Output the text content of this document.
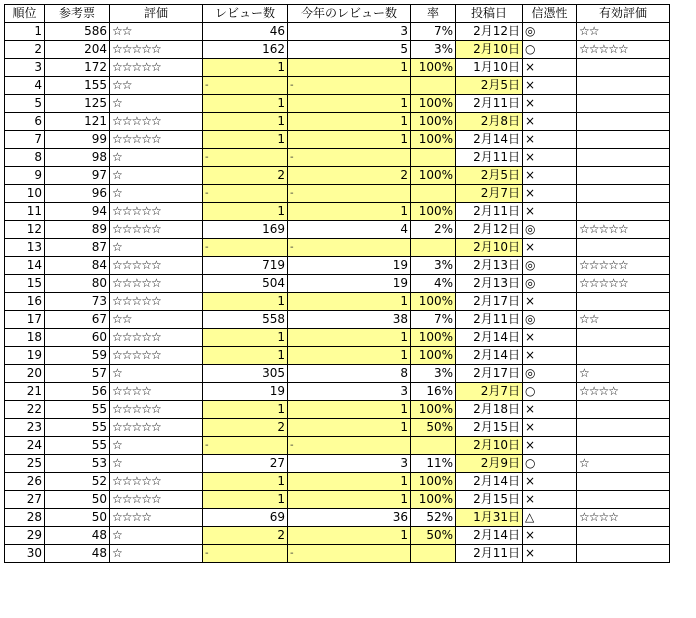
順位	参考票	評価	レビュー数	今年のレビュー数	率	投稿日	信憑性	有効評価
1	586	☆☆	46	3	7%	2月12日	◎	☆☆
2	204	☆☆☆☆☆	162	5	3%	2月10日	○	☆☆☆☆☆
3	172	☆☆☆☆☆	1	1	100%	1月10日	×	
4	155	☆☆	-	-		2月5日	×	
5	125	☆	1	1	100%	2月11日	×	
6	121	☆☆☆☆☆	1	1	100%	2月8日	×	
7	99	☆☆☆☆☆	1	1	100%	2月14日	×	
8	98	☆	-	-		2月11日	×	
9	97	☆	2	2	100%	2月5日	×	
10	96	☆	-	-		2月7日	×	
11	94	☆☆☆☆☆	1	1	100%	2月11日	×	
12	89	☆☆☆☆☆	169	4	2%	2月12日	◎	☆☆☆☆☆
13	87	☆	-	-		2月10日	×	
14	84	☆☆☆☆☆	719	19	3%	2月13日	◎	☆☆☆☆☆
15	80	☆☆☆☆☆	504	19	4%	2月13日	◎	☆☆☆☆☆
16	73	☆☆☆☆☆	1	1	100%	2月17日	×	
17	67	☆☆	558	38	7%	2月11日	◎	☆☆
18	60	☆☆☆☆☆	1	1	100%	2月14日	×	
19	59	☆☆☆☆☆	1	1	100%	2月14日	×	
20	57	☆	305	8	3%	2月17日	◎	☆
21	56	☆☆☆☆	19	3	16%	2月7日	○	☆☆☆☆
22	55	☆☆☆☆☆	1	1	100%	2月18日	×	
23	55	☆☆☆☆☆	2	1	50%	2月15日	×	
24	55	☆	-	-		2月10日	×	
25	53	☆	27	3	11%	2月9日	○	☆
26	52	☆☆☆☆☆	1	1	100%	2月14日	×	
27	50	☆☆☆☆☆	1	1	100%	2月15日	×	
28	50	☆☆☆☆	69	36	52%	1月31日	△	☆☆☆☆
29	48	☆	2	1	50%	2月14日	×	
30	48	☆	-	-		2月11日	×	
